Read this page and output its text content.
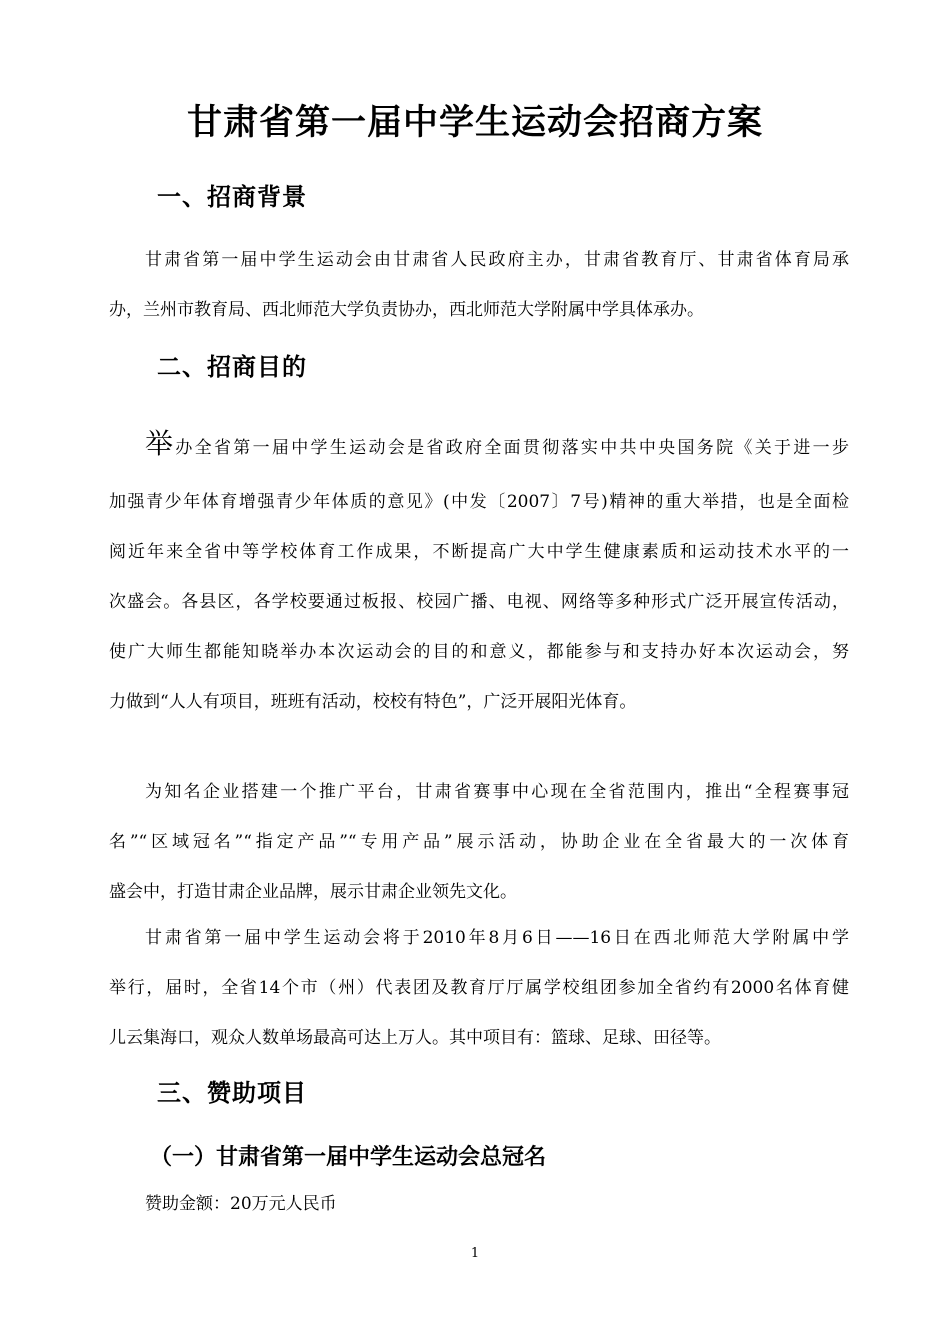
甘肃省第一届中学生运动会招商方案
一、招商背景
甘肃省第一届中学生运动会由甘肃省人民政府主办，甘肃省教育厅、甘肃省体育局承
办，兰州市教育局、西北师范大学负责协办，西北师范大学附属中学具体承办。
二、招商目的
举办全省第一届中学生运动会是省政府全面贯彻落实中共中央国务院《关于进一步
加强青少年体育增强青少年体质的意见》(中发〔2007〕7号)精神的重大举措，也是全面检
阅近年来全省中等学校体育工作成果，不断提高广大中学生健康素质和运动技术水平的一
次盛会。各县区，各学校要通过板报、校园广播、电视、网络等多种形式广泛开展宣传活动，
使广大师生都能知晓举办本次运动会的目的和意义，都能参与和支持办好本次运动会，努
力做到“人人有项目，班班有活动，校校有特色”，广泛开展阳光体育。
为知名企业搭建一个推广平台，甘肃省赛事中心现在全省范围内，推出“全程赛事冠
名”“区域冠名”“指定产品”“专用产品”展示活动，协助企业在全省最大的一次体育
盛会中，打造甘肃企业品牌，展示甘肃企业领先文化。
甘肃省第一届中学生运动会将于2010年8月6日——16日在西北师范大学附属中学
举行，届时，全省14个市（州）代表团及教育厅厅属学校组团参加全省约有2000名体育健
儿云集海口，观众人数单场最高可达上万人。其中项目有：篮球、足球、田径等。
三、赞助项目
（一）甘肃省第一届中学生运动会总冠名
赞助金额：20万元人民币
1
